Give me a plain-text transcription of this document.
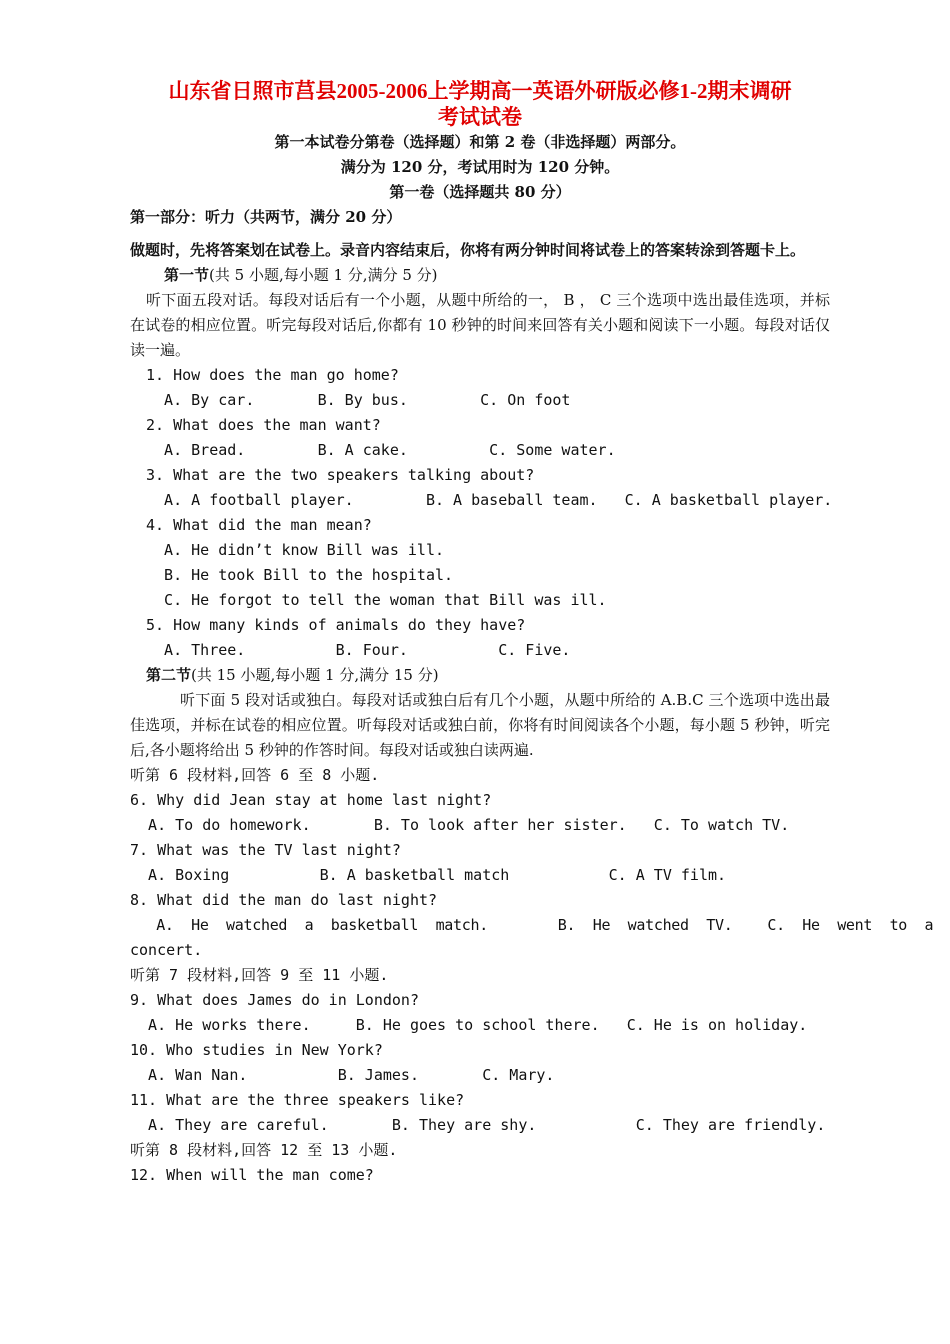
山东省日照市莒县2005-2006上学期高一英语外研版必修1-2期末调研
考试试卷

第一本试卷分第卷（选择题）和第 2 卷（非选择题）两部分。

满分为 120 分，考试用时为 120 分钟。

第一卷（选择题共 80 分）

第一部分：听力（共两节，满分 20 分）

做题时，先将答案划在试卷上。录音内容结束后，你将有两分钟时间将试卷上的答案转涂到答题卡上。

第一节(共 5 小题,每小题 1 分,满分 5 分)

听下面五段对话。每段对话后有一个小题，从题中所给的一， B ， C 三个选项中选出最佳选项，并标在试卷的相应位置。听完每段对话后,你都有 10 秒钟的时间来回答有关小题和阅读下一小题。每段对话仅读一遍。

1. How does the man go home?

A. By car.       B. By bus.        C. On foot

2. What does the man want?

A. Bread.        B. A cake.         C. Some water.

3. What are the two speakers talking about?

A. A football player.        B. A baseball team.   C. A basketball player.

4. What did the man mean?

A. He didn’t know Bill was ill.

B. He took Bill to the hospital.

C. He forgot to tell the woman that Bill was ill.

5. How many kinds of animals do they have?

A. Three.          B. Four.          C. Five.

第二节(共 15 小题,每小题 1 分,满分 15 分)

听下面 5 段对话或独白。每段对话或独白后有几个小题，从题中所给的 A.B.C 三个选项中选出最佳选项，并标在试卷的相应位置。听每段对话或独白前，你将有时间阅读各个小题，每小题 5 秒钟，听完后,各小题将给出 5 秒钟的作答时间。每段对话或独白读两遍.

听第 6 段材料,回答 6 至 8 小题.

6. Why did Jean stay at home last night?

A. To do homework.       B. To look after her sister.   C. To watch TV.

7. What was the TV last night?

A. Boxing          B. A basketball match           C. A TV film.

8. What did the man do last night?

A.  He  watched  a  basketball  match.        B.  He  watched  TV.    C.  He  went  to  a

concert.

听第 7 段材料,回答 9 至 11 小题.

9. What does James do in London?

A. He works there.     B. He goes to school there.   C. He is on holiday.

10. Who studies in New York?

A. Wan Nan.          B. James.       C. Mary.

11. What are the three speakers like?

A. They are careful.       B. They are shy.           C. They are friendly.

听第 8 段材料,回答 12 至 13 小题.

12. When will the man come?
